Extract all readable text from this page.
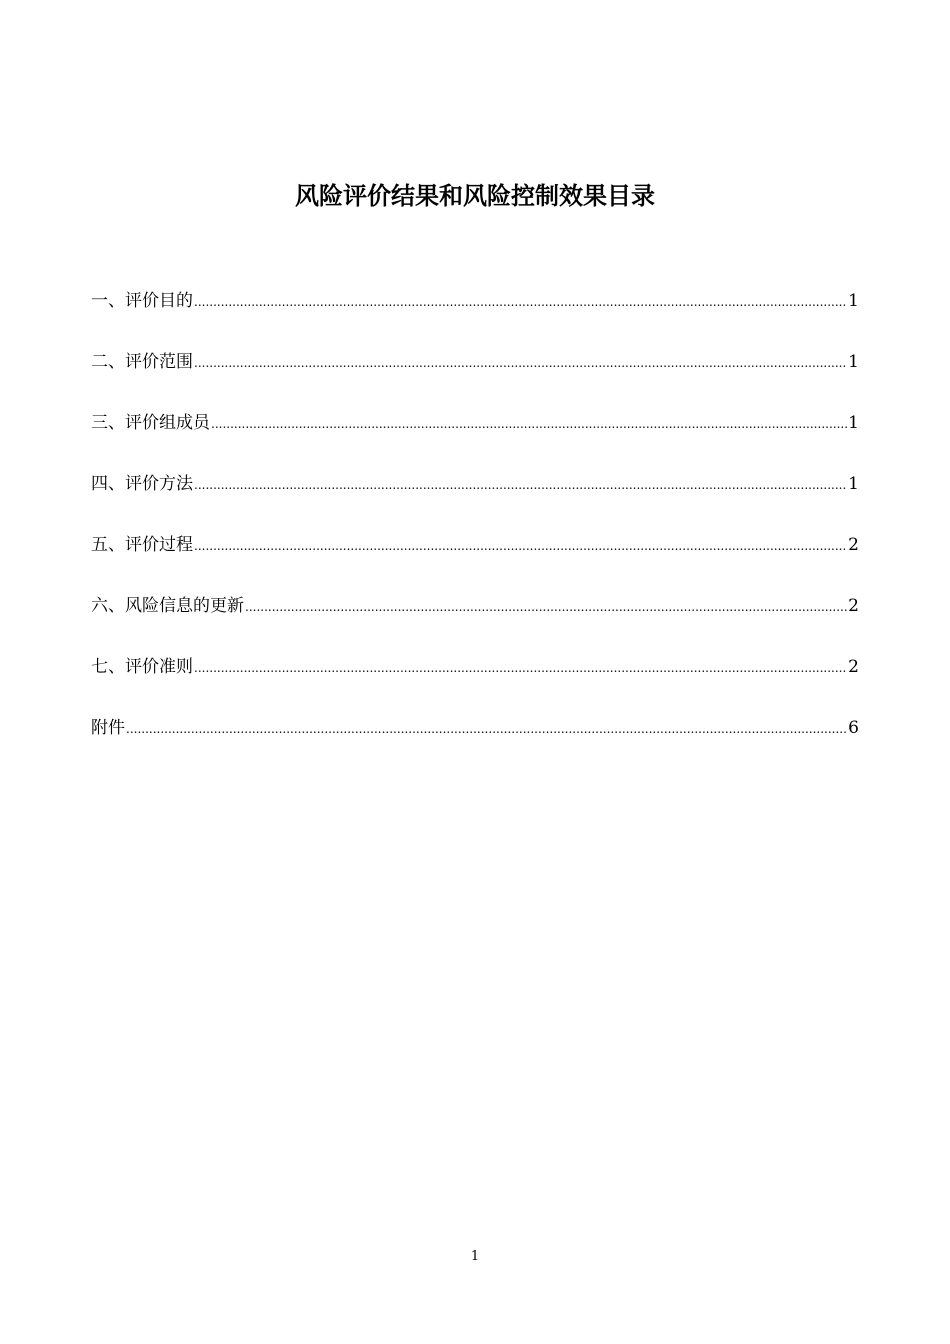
风险评价结果和风险控制效果目录
一、评价目的 .....	1
二、评价范围 .....	1
三、评价组成员 .....	1
四、评价方法 .....	1
五、评价过程 .....	2
六、风险信息的更新 .....	2
七、评价准则 .....	2
附件 .....	6
1
